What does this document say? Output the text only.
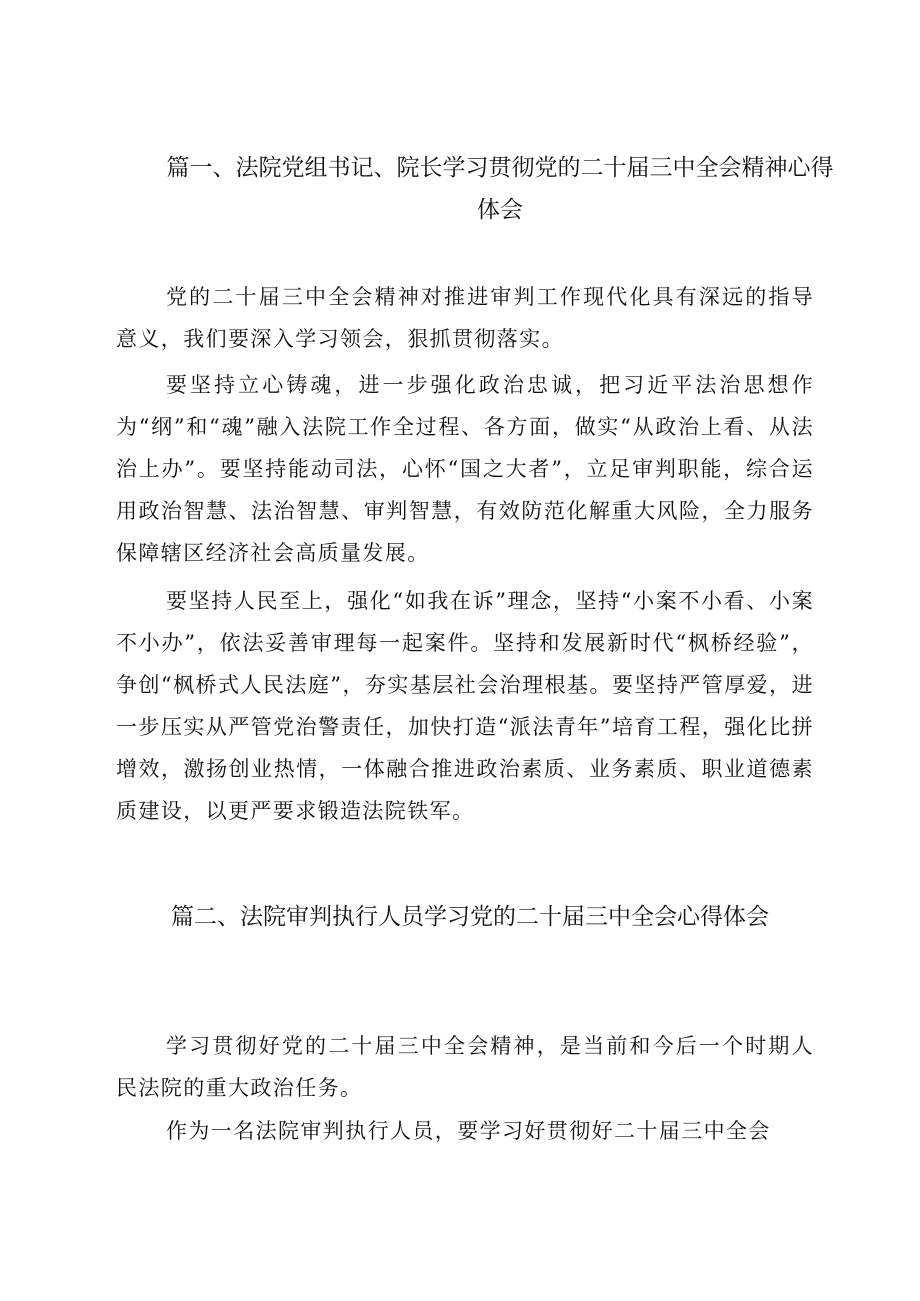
篇一、法院党组书记、院长学习贯彻党的二十届三中全会精神心得体会

党的二十届三中全会精神对推进审判工作现代化具有深远的指导意义，我们要深入学习领会，狠抓贯彻落实。

要坚持立心铸魂，进一步强化政治忠诚，把习近平法治思想作为“纲”和“魂”融入法院工作全过程、各方面，做实“从政治上看、从法治上办”。要坚持能动司法，心怀“国之大者”，立足审判职能，综合运用政治智慧、法治智慧、审判智慧，有效防范化解重大风险，全力服务保障辖区经济社会高质量发展。

要坚持人民至上，强化“如我在诉”理念，坚持“小案不小看、小案不小办”，依法妥善审理每一起案件。坚持和发展新时代“枫桥经验”，争创“枫桥式人民法庭”，夯实基层社会治理根基。要坚持严管厚爱，进一步压实从严管党治警责任，加快打造“派法青年”培育工程，强化比拼增效，激扬创业热情，一体融合推进政治素质、业务素质、职业道德素质建设，以更严要求锻造法院铁军。

篇二、法院审判执行人员学习党的二十届三中全会心得体会

学习贯彻好党的二十届三中全会精神，是当前和今后一个时期人民法院的重大政治任务。

作为一名法院审判执行人员，要学习好贯彻好二十届三中全会
